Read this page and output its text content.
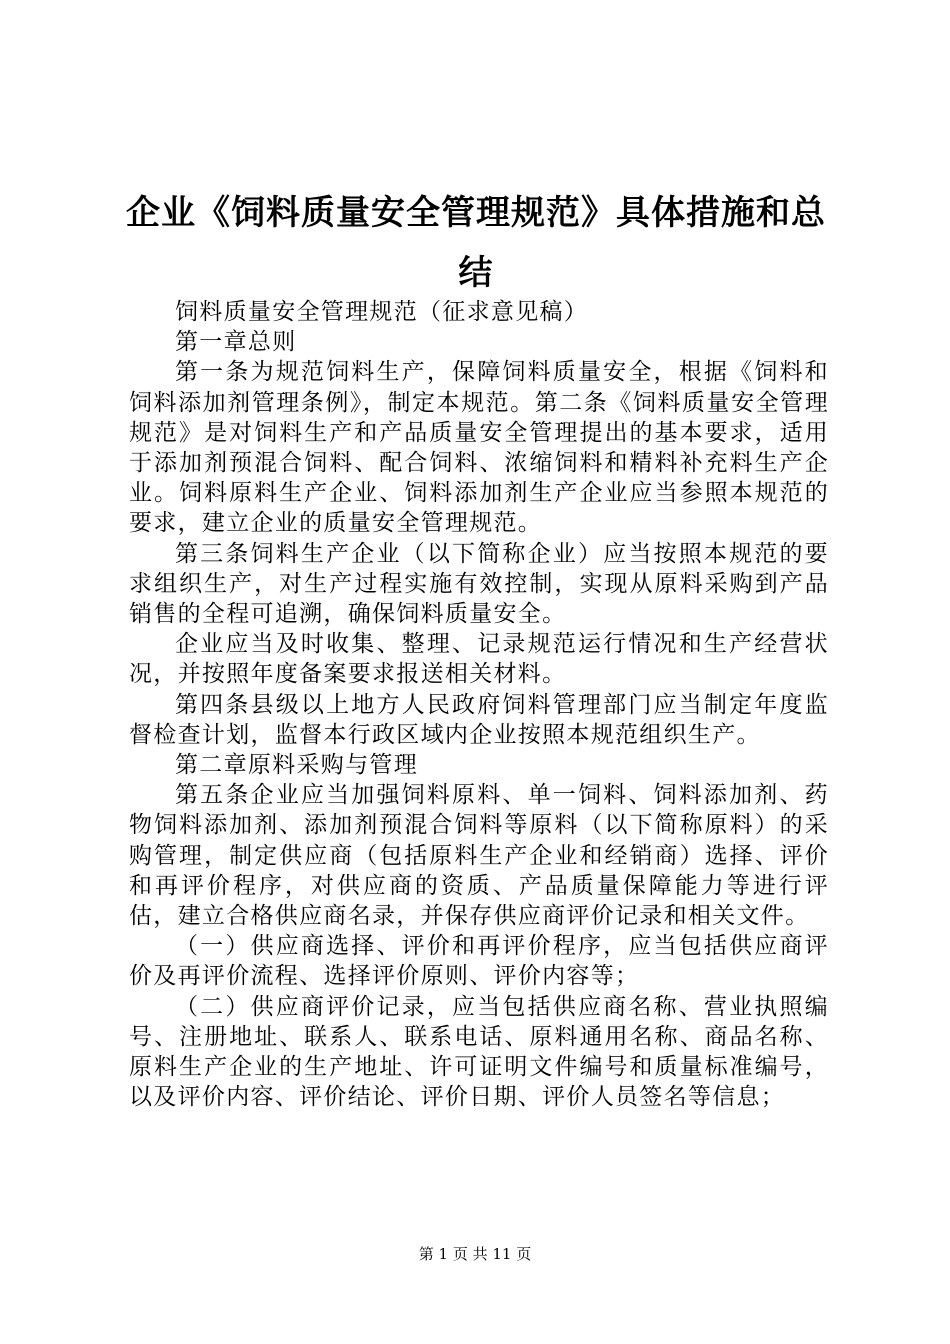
企业《饲料质量安全管理规范》具体措施和总结

饲料质量安全管理规范（征求意见稿）

第一章总则

第一条为规范饲料生产，保障饲料质量安全，根据《饲料和饲料添加剂管理条例》，制定本规范。第二条《饲料质量安全管理规范》是对饲料生产和产品质量安全管理提出的基本要求，适用于添加剂预混合饲料、配合饲料、浓缩饲料和精料补充料生产企业。饲料原料生产企业、饲料添加剂生产企业应当参照本规范的要求，建立企业的质量安全管理规范。

第三条饲料生产企业（以下简称企业）应当按照本规范的要求组织生产，对生产过程实施有效控制，实现从原料采购到产品销售的全程可追溯，确保饲料质量安全。

企业应当及时收集、整理、记录规范运行情况和生产经营状况，并按照年度备案要求报送相关材料。

第四条县级以上地方人民政府饲料管理部门应当制定年度监督检查计划，监督本行政区域内企业按照本规范组织生产。

第二章原料采购与管理

第五条企业应当加强饲料原料、单一饲料、饲料添加剂、药物饲料添加剂、添加剂预混合饲料等原料（以下简称原料）的采购管理，制定供应商（包括原料生产企业和经销商）选择、评价和再评价程序，对供应商的资质、产品质量保障能力等进行评估，建立合格供应商名录，并保存供应商评价记录和相关文件。

（一）供应商选择、评价和再评价程序，应当包括供应商评价及再评价流程、选择评价原则、评价内容等；

（二）供应商评价记录，应当包括供应商名称、营业执照编号、注册地址、联系人、联系电话、原料通用名称、商品名称、原料生产企业的生产地址、许可证明文件编号和质量标准编号，以及评价内容、评价结论、评价日期、评价人员签名等信息；

第 1 页 共 11 页
